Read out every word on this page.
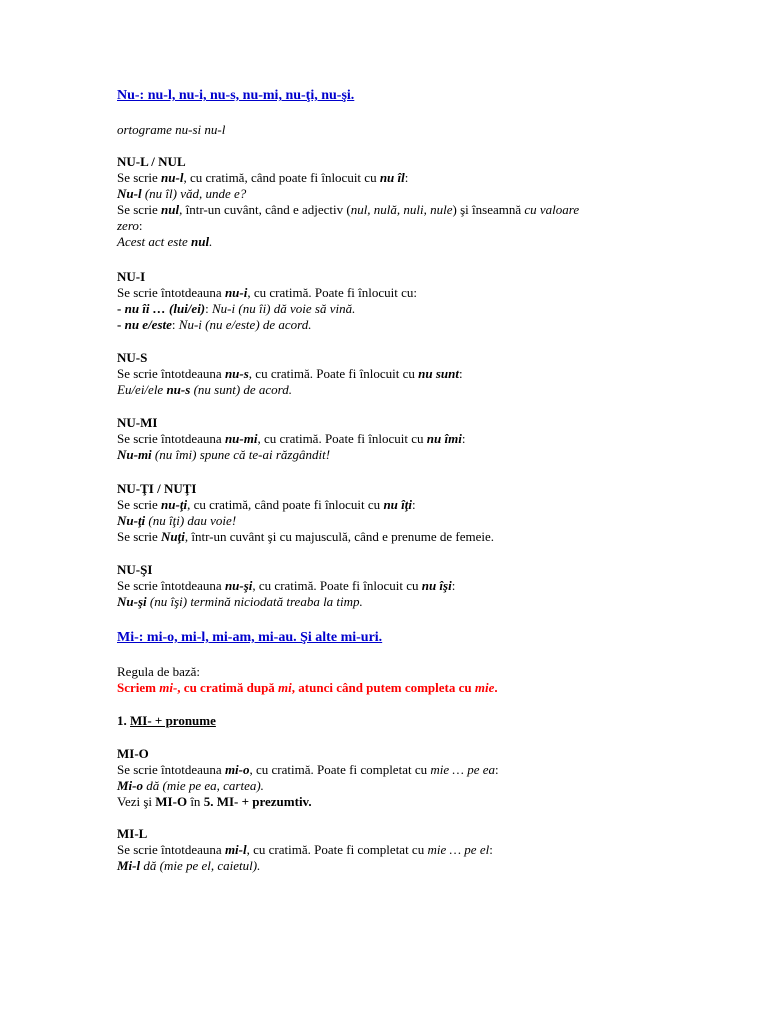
Nu-: nu-l, nu-i, nu-s, nu-mi, nu-ţi, nu-şi.
ortograme nu-si nu-l
NU-L / NUL
Se scrie nu-l, cu cratimă, când poate fi înlocuit cu nu îl:
Nu-l (nu îl) văd, unde e?
Se scrie nul, într-un cuvânt, când e adjectiv (nul, nulă, nuli, nule) şi înseamnă cu valoare
zero:
Acest act este nul.
NU-I
Se scrie întotdeauna nu-i, cu cratimă. Poate fi înlocuit cu:
- nu îi … (lui/ei): Nu-i (nu îi) dă voie să vină.
- nu e/este: Nu-i (nu e/este) de acord.
NU-S
Se scrie întotdeauna nu-s, cu cratimă. Poate fi înlocuit cu nu sunt:
Eu/ei/ele nu-s (nu sunt) de acord.
NU-MI
Se scrie întotdeauna nu-mi, cu cratimă. Poate fi înlocuit cu nu îmi:
Nu-mi (nu îmi) spune că te-ai răzgândit!
NU-ŢI / NUŢI
Se scrie nu-ţi, cu cratimă, când poate fi înlocuit cu nu îţi:
Nu-ţi (nu îţi) dau voie!
Se scrie Nuţi, într-un cuvânt şi cu majusculă, când e prenume de femeie.
NU-ŞI
Se scrie întotdeauna nu-şi, cu cratimă. Poate fi înlocuit cu nu îşi:
Nu-şi (nu îşi) termină niciodată treaba la timp.
Mi-: mi-o, mi-l, mi-am, mi-au. Şi alte mi-uri.
Regula de bază:
Scriem mi-, cu cratimă după mi, atunci când putem completa cu mie.
1. MI- + pronume
MI-O
Se scrie întotdeauna mi-o, cu cratimă. Poate fi completat cu mie … pe ea:
Mi-o dă (mie pe ea, cartea).
Vezi şi MI-O în 5. MI- + prezumtiv.
MI-L
Se scrie întotdeauna mi-l, cu cratimă. Poate fi completat cu mie … pe el:
Mi-l dă (mie pe el, caietul).
